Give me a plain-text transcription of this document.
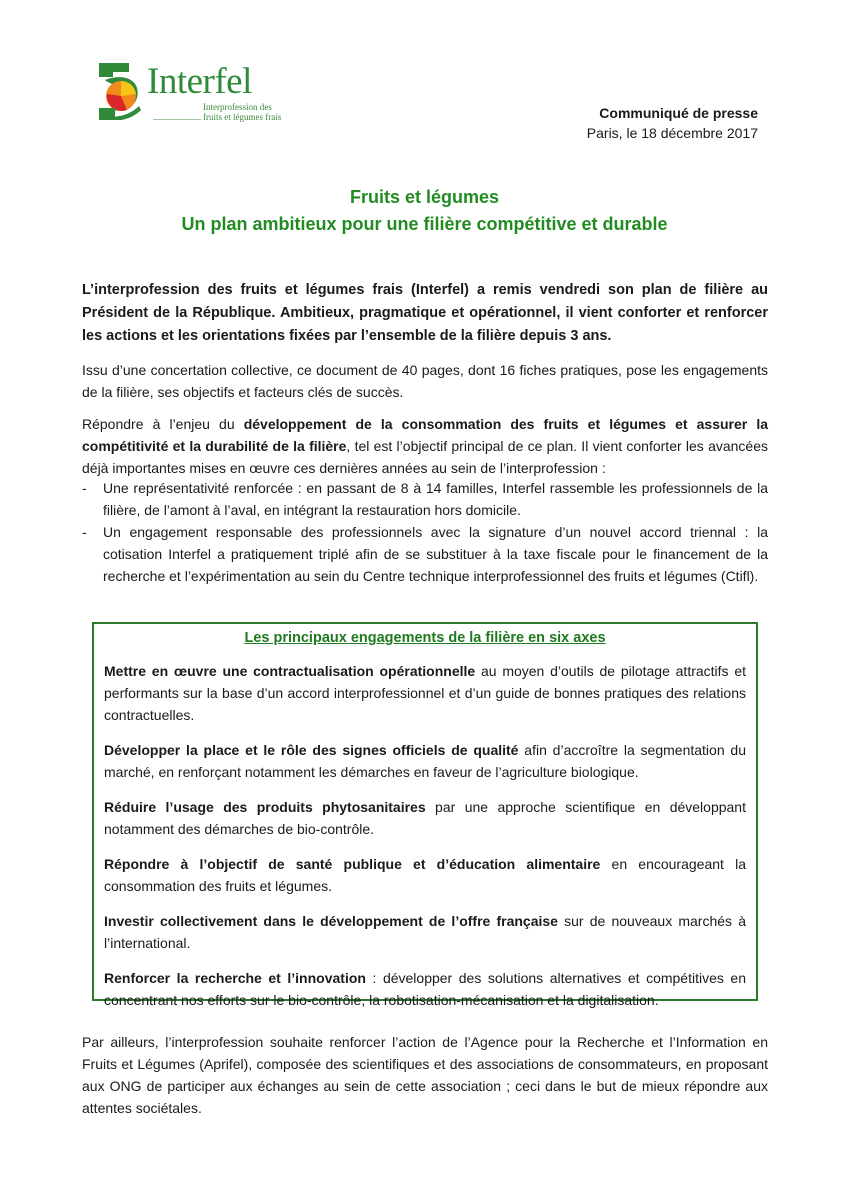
Interfel
Interprofession des
fruits et légumes frais	Communiqué de presse
Paris, le 18 décembre 2017
Fruits et légumes
Un plan ambitieux pour une filière compétitive et durable
L’interprofession des fruits et légumes frais (Interfel) a remis vendredi son plan de filière au Président de la République. Ambitieux, pragmatique et opérationnel, il vient conforter et renforcer les actions et les orientations fixées par l’ensemble de la filière depuis 3 ans.
Issu d’une concertation collective, ce document de 40 pages, dont 16 fiches pratiques, pose les engagements de la filière, ses objectifs et facteurs clés de succès.
Répondre à l’enjeu du développement de la consommation des fruits et légumes et assurer la compétitivité et la durabilité de la filière, tel est l’objectif principal de ce plan. Il vient conforter les avancées déjà importantes mises en œuvre ces dernières années au sein de l’interprofession :
- Une représentativité renforcée : en passant de 8 à 14 familles, Interfel rassemble les professionnels de la filière, de l’amont à l’aval, en intégrant la restauration hors domicile.
- Un engagement responsable des professionnels avec la signature d’un nouvel accord triennal : la cotisation Interfel a pratiquement triplé afin de se substituer à la taxe fiscale pour le financement de la recherche et l’expérimentation au sein du Centre technique interprofessionnel des fruits et légumes (Ctifl).
Les principaux engagements de la filière en six axes

Mettre en œuvre une contractualisation opérationnelle au moyen d’outils de pilotage attractifs et performants sur la base d’un accord interprofessionnel et d’un guide de bonnes pratiques des relations contractuelles.

Développer la place et le rôle des signes officiels de qualité afin d’accroître la segmentation du marché, en renforçant notamment les démarches en faveur de l’agriculture biologique.

Réduire l’usage des produits phytosanitaires par une approche scientifique en développant notamment des démarches de bio-contrôle.

Répondre à l’objectif de santé publique et d’éducation alimentaire en encourageant la consommation des fruits et légumes.

Investir collectivement dans le développement de l’offre française sur de nouveaux marchés à l’international.

Renforcer la recherche et l’innovation : développer des solutions alternatives et compétitives en concentrant nos efforts sur le bio-contrôle, la robotisation-mécanisation et la digitalisation.

Par ailleurs, l’interprofession souhaite renforcer l’action de l’Agence pour la Recherche et l’Information en Fruits et Légumes (Aprifel), composée des scientifiques et des associations de consommateurs, en proposant aux ONG de participer aux échanges au sein de cette association ; ceci dans le but de mieux répondre aux attentes sociétales.
